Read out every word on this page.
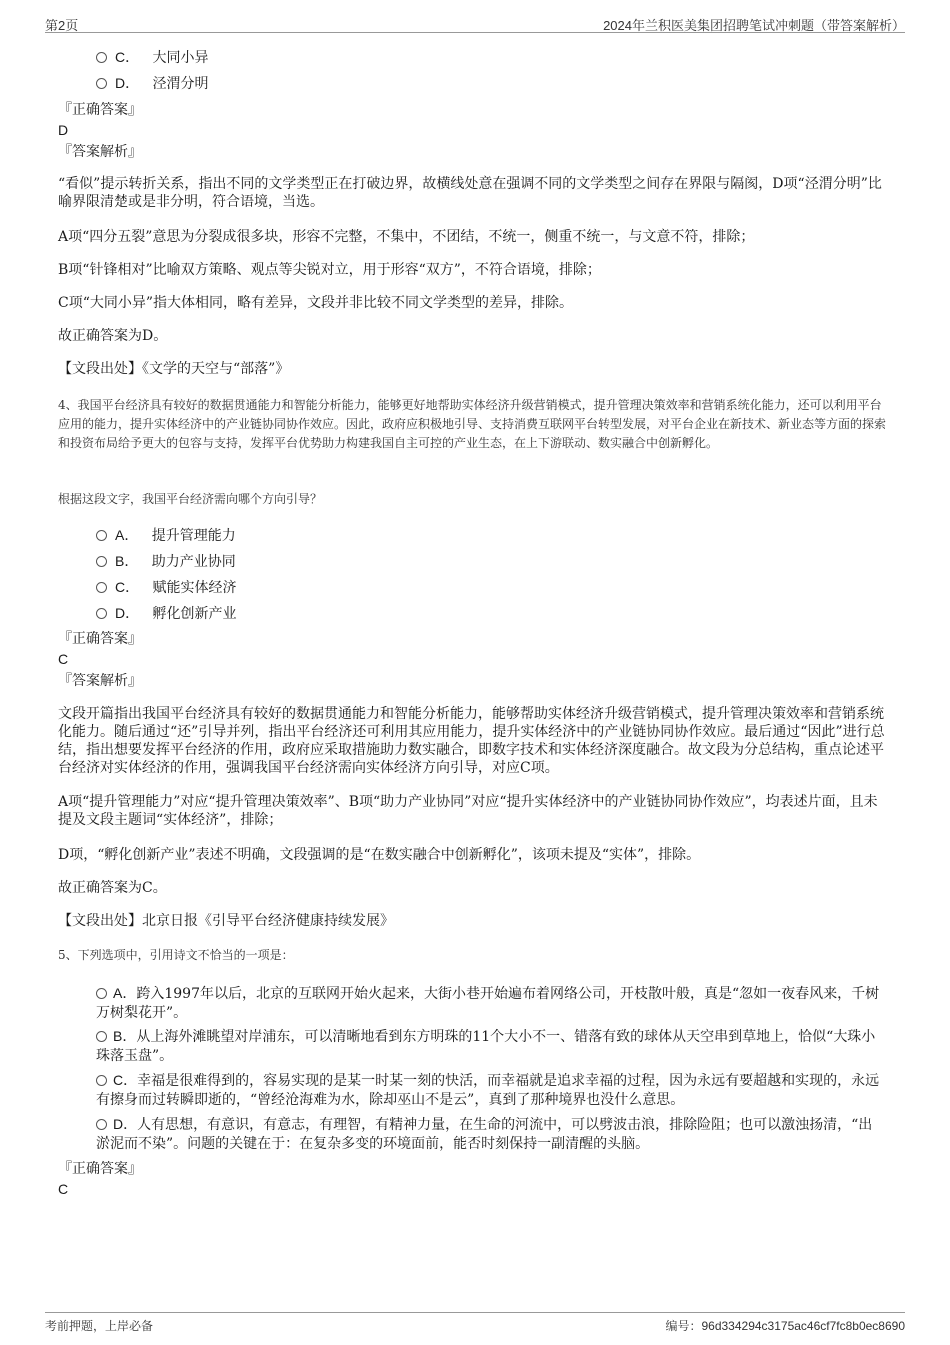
第2页	2024年兰积医美集团招聘笔试冲刺题（带答案解析）
C． 大同小异
D． 泾渭分明
『正确答案』
D
『答案解析』
“看似”提示转折关系，指出不同的文学类型正在打破边界，故横线处意在强调不同的文学类型之间存在界限与隔阂，D项“泾渭分明”比喻界限清楚或是非分明，符合语境，当选。
A项“四分五裂”意思为分裂成很多块，形容不完整，不集中，不团结，不统一，侧重不统一，与文意不符，排除；
B项“针锋相对”比喻双方策略、观点等尖锐对立，用于形容“双方”，不符合语境，排除；
C项“大同小异”指大体相同，略有差异，文段并非比较不同文学类型的差异，排除。
故正确答案为D。
【文段出处】《文学的天空与“部落”》
4、我国平台经济具有较好的数据贯通能力和智能分析能力，能够更好地帮助实体经济升级营销模式，提升管理决策效率和营销系统化能力，还可以利用平台应用的能力，提升实体经济中的产业链协同协作效应。因此，政府应积极地引导、支持消费互联网平台转型发展，对平台企业在新技术、新业态等方面的探索和投资布局给予更大的包容与支持，发挥平台优势助力构建我国自主可控的产业生态，在上下游联动、数实融合中创新孵化。
根据这段文字，我国平台经济需向哪个方向引导？
A． 提升管理能力
B． 助力产业协同
C． 赋能实体经济
D． 孵化创新产业
『正确答案』
C
『答案解析』
文段开篇指出我国平台经济具有较好的数据贯通能力和智能分析能力，能够帮助实体经济升级营销模式，提升管理决策效率和营销系统化能力。随后通过“还”引导并列，指出平台经济还可利用其应用能力，提升实体经济中的产业链协同协作效应。最后通过“因此”进行总结，指出想要发挥平台经济的作用，政府应采取措施助力数实融合，即数字技术和实体经济深度融合。故文段为分总结构，重点论述平台经济对实体经济的作用，强调我国平台经济需向实体经济方向引导，对应C项。
A项“提升管理能力”对应“提升管理决策效率”、B项“助力产业协同”对应“提升实体经济中的产业链协同协作效应”，均表述片面，且未提及文段主题词“实体经济”，排除；
D项，“孵化创新产业”表述不明确，文段强调的是“在数实融合中创新孵化”，该项未提及“实体”，排除。
故正确答案为C。
【文段出处】北京日报《引导平台经济健康持续发展》
5、下列选项中，引用诗文不恰当的一项是：
A．跨入1997年以后，北京的互联网开始火起来，大街小巷开始遍布着网络公司，开枝散叶般，真是“忽如一夜春风来，千树万树梨花开”。
B．从上海外滩眺望对岸浦东，可以清晰地看到东方明珠的11个大小不一、错落有致的球体从天空串到草地上，恰似“大珠小珠落玉盘”。
C．幸福是很难得到的，容易实现的是某一时某一刻的快活，而幸福就是追求幸福的过程，因为永远有要超越和实现的，永远有擦身而过转瞬即逝的，“曾经沧海难为水，除却巫山不是云”，真到了那种境界也没什么意思。
D．人有思想，有意识，有意志，有理智，有精神力量，在生命的河流中，可以劈波击浪，排除险阻；也可以激浊扬清，“出淤泥而不染”。问题的关键在于：在复杂多变的环境面前，能否时刻保持一副清醒的头脑。
『正确答案』
C
考前押题，上岸必备	编号：96d334294c3175ac46cf7fc8b0ec8690
